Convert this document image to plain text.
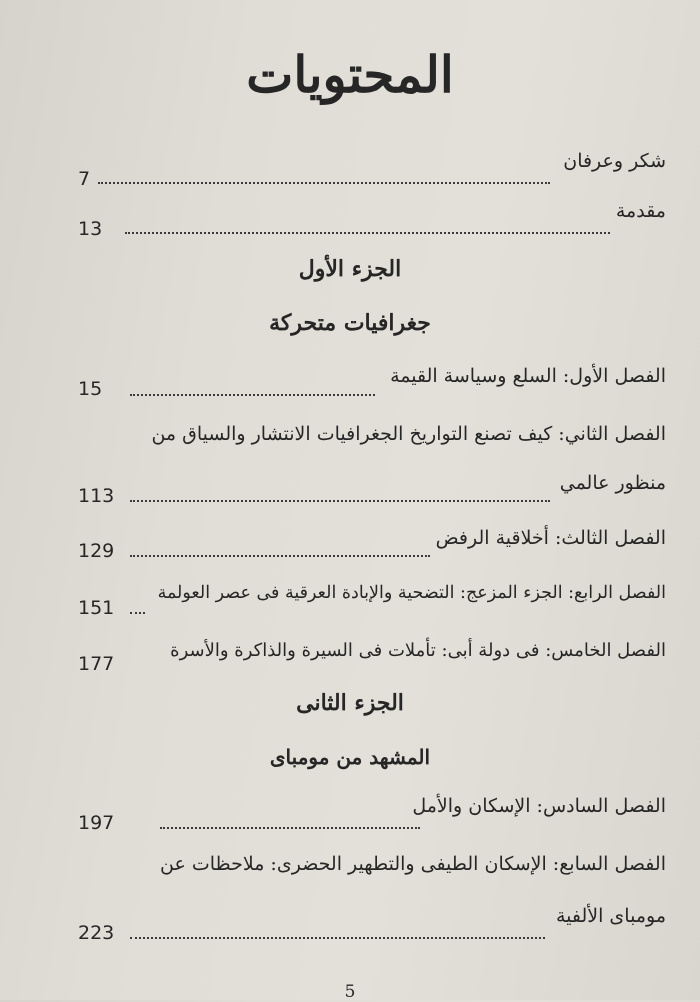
المحتويات
شكر وعرفان
7
مقدمة
13
الجزء الأول
جغرافيات متحركة
الفصل الأول: السلع وسياسة القيمة
15
الفصل الثاني: كيف تصنع التواريخ الجغرافيات الانتشار والسياق من
منظور عالمي
113
الفصل الثالث: أخلاقية الرفض
129
الفصل الرابع: الجزء المزعج: التضحية والإبادة العرقية فى عصر العولمة
151
الفصل الخامس: فى دولة أبى: تأملات فى السيرة والذاكرة والأسرة
177
الجزء الثانى
المشهد من مومباى
الفصل السادس: الإسكان والأمل
197
الفصل السابع: الإسكان الطيفى والتطهير الحضرى: ملاحظات عن
مومباى الألفية
223
5
